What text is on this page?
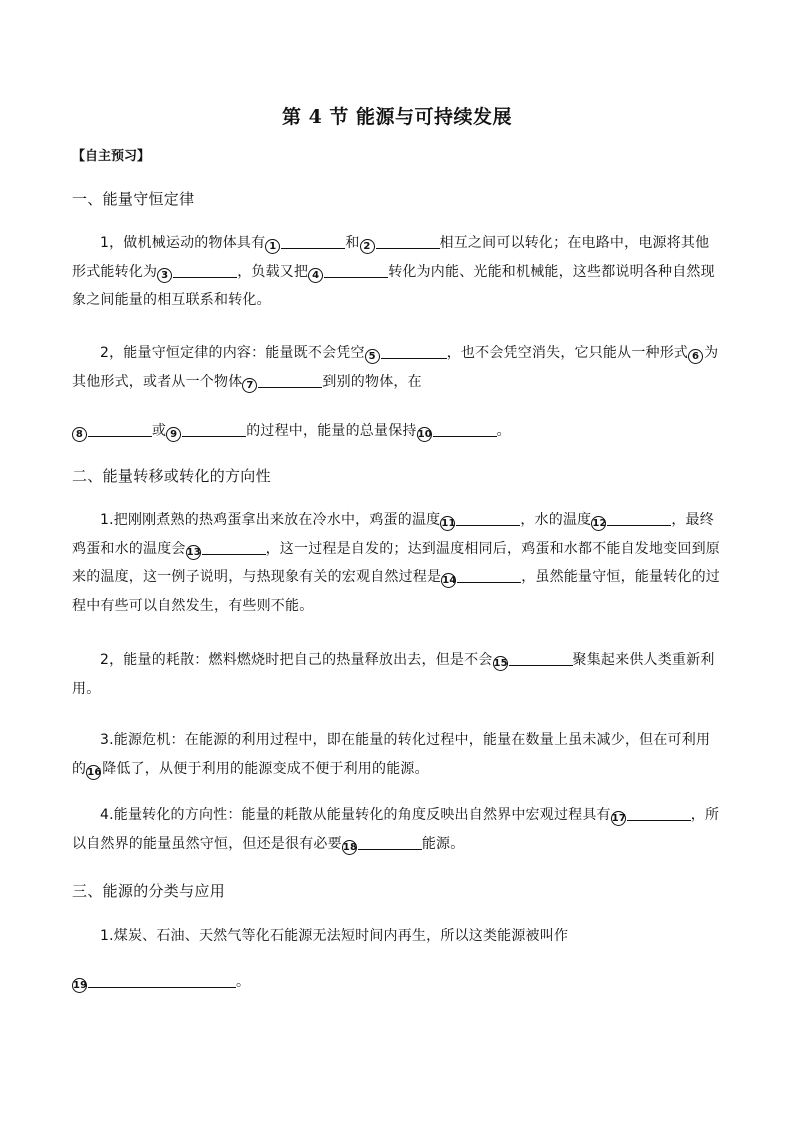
第 4 节 能源与可持续发展
【自主预习】
一、能量守恒定律

1，做机械运动的物体具有 1	和 2	相互之间可以转化；在电路中，电源将其他形式能转化为 3	，负载又把 4	转化为内能、光能和机械能，这些都说明各种自然现象之间能量的相互联系和转化。

2，能量守恒定律的内容：能量既不会凭空 5	，也不会凭空消失，它只能从一种形式 6 为其他形式，或者从一个物体 7	到别的物体，在

8	或 9	的过程中，能量的总量保持10	。

二、能量转移或转化的方向性

1.把刚刚煮熟的热鸡蛋拿出来放在冷水中，鸡蛋的温度11	，水的温度12	，最终鸡蛋和水的温度会13	，这一过程是自发的；达到温度相同后，鸡蛋和水都不能自发地变回到原来的温度，这一例子说明，与热现象有关的宏观自然过程是14	，虽然能量守恒，能量转化的过程中有些可以自然发生，有些则不能。

2，能量的耗散：燃料燃烧时把自己的热量释放出去，但是不会15	聚集起来供人类重新利用。

3.能源危机：在能源的利用过程中，即在能量的转化过程中，能量在数量上虽未减少，但在可利用的16降低了，从便于利用的能源变成不便于利用的能源。

4.能量转化的方向性：能量的耗散从能量转化的角度反映出自然界中宏观过程具有17	，所以自然界的能量虽然守恒，但还是很有必要18	能源。

三、能源的分类与应用

1.煤炭、石油、天然气等化石能源无法短时间内再生，所以这类能源被叫作

19	。
